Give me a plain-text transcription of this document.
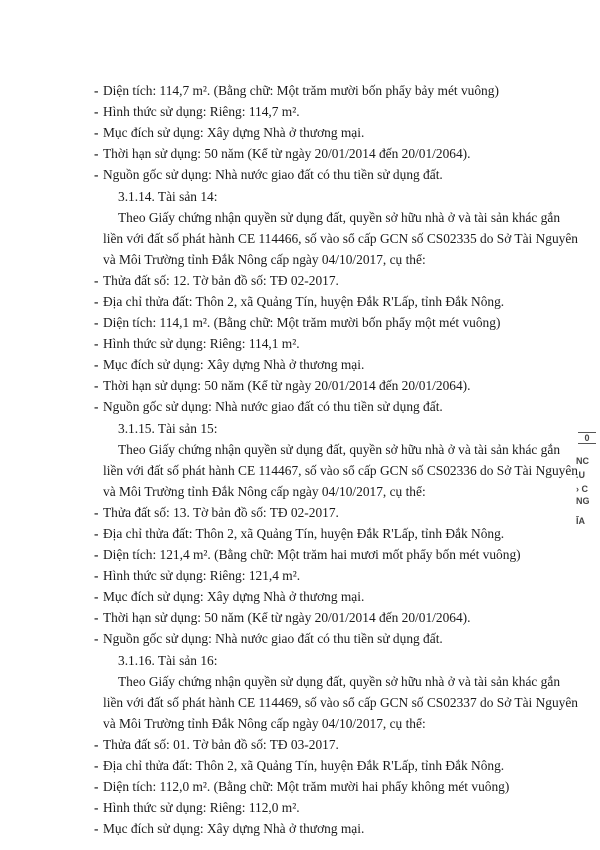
- Diện tích: 114,7 m². (Bằng chữ: Một trăm mười bốn phẩy bảy mét vuông)
- Hình thức sử dụng: Riêng: 114,7 m².
- Mục đích sử dụng: Xây dựng Nhà ở thương mại.
- Thời hạn sử dụng: 50 năm (Kể từ ngày 20/01/2014 đến 20/01/2064).
- Nguồn gốc sử dụng: Nhà nước giao đất có thu tiền sử dụng đất.
3.1.14. Tài sản 14:
Theo Giấy chứng nhận quyền sử dụng đất, quyền sở hữu nhà ở và tài sản khác gắn
liền với đất số phát hành CE 114466, số vào sổ cấp GCN số CS02335 do Sở Tài Nguyên
và Môi Trường tỉnh Đắk Nông cấp ngày 04/10/2017, cụ thể:
- Thửa đất số: 12. Tờ bản đồ số: TĐ 02-2017.
- Địa chỉ thửa đất: Thôn 2, xã Quảng Tín, huyện Đắk R'Lấp, tỉnh Đắk Nông.
- Diện tích: 114,1 m². (Bằng chữ: Một trăm mười bốn phẩy một mét vuông)
- Hình thức sử dụng: Riêng: 114,1 m².
- Mục đích sử dụng: Xây dựng Nhà ở thương mại.
- Thời hạn sử dụng: 50 năm (Kể từ ngày 20/01/2014 đến 20/01/2064).
- Nguồn gốc sử dụng: Nhà nước giao đất có thu tiền sử dụng đất.
3.1.15. Tài sản 15:
Theo Giấy chứng nhận quyền sử dụng đất, quyền sở hữu nhà ở và tài sản khác gắn
liền với đất số phát hành CE 114467, số vào sổ cấp GCN số CS02336 do Sở Tài Nguyên
và Môi Trường tỉnh Đắk Nông cấp ngày 04/10/2017, cụ thể:
- Thửa đất số: 13. Tờ bản đồ số: TĐ 02-2017.
- Địa chỉ thửa đất: Thôn 2, xã Quảng Tín, huyện Đắk R'Lấp, tỉnh Đắk Nông.
- Diện tích: 121,4 m². (Bằng chữ: Một trăm hai mươi mốt phẩy bốn mét vuông)
- Hình thức sử dụng: Riêng: 121,4 m².
- Mục đích sử dụng: Xây dựng Nhà ở thương mại.
- Thời hạn sử dụng: 50 năm (Kể từ ngày 20/01/2014 đến 20/01/2064).
- Nguồn gốc sử dụng: Nhà nước giao đất có thu tiền sử dụng đất.
3.1.16. Tài sản 16:
Theo Giấy chứng nhận quyền sử dụng đất, quyền sở hữu nhà ở và tài sản khác gắn
liền với đất số phát hành CE 114469, số vào sổ cấp GCN số CS02337 do Sở Tài Nguyên
và Môi Trường tỉnh Đắk Nông cấp ngày 04/10/2017, cụ thể:
- Thửa đất số: 01. Tờ bản đồ số: TĐ 03-2017.
- Địa chỉ thửa đất: Thôn 2, xã Quảng Tín, huyện Đắk R'Lấp, tỉnh Đắk Nông.
- Diện tích: 112,0 m². (Bằng chữ: Một trăm mười hai phẩy không mét vuông)
- Hình thức sử dụng: Riêng: 112,0 m².
- Mục đích sử dụng: Xây dựng Nhà ở thương mại.
0
NC
.U
› C
NG
ĨA
